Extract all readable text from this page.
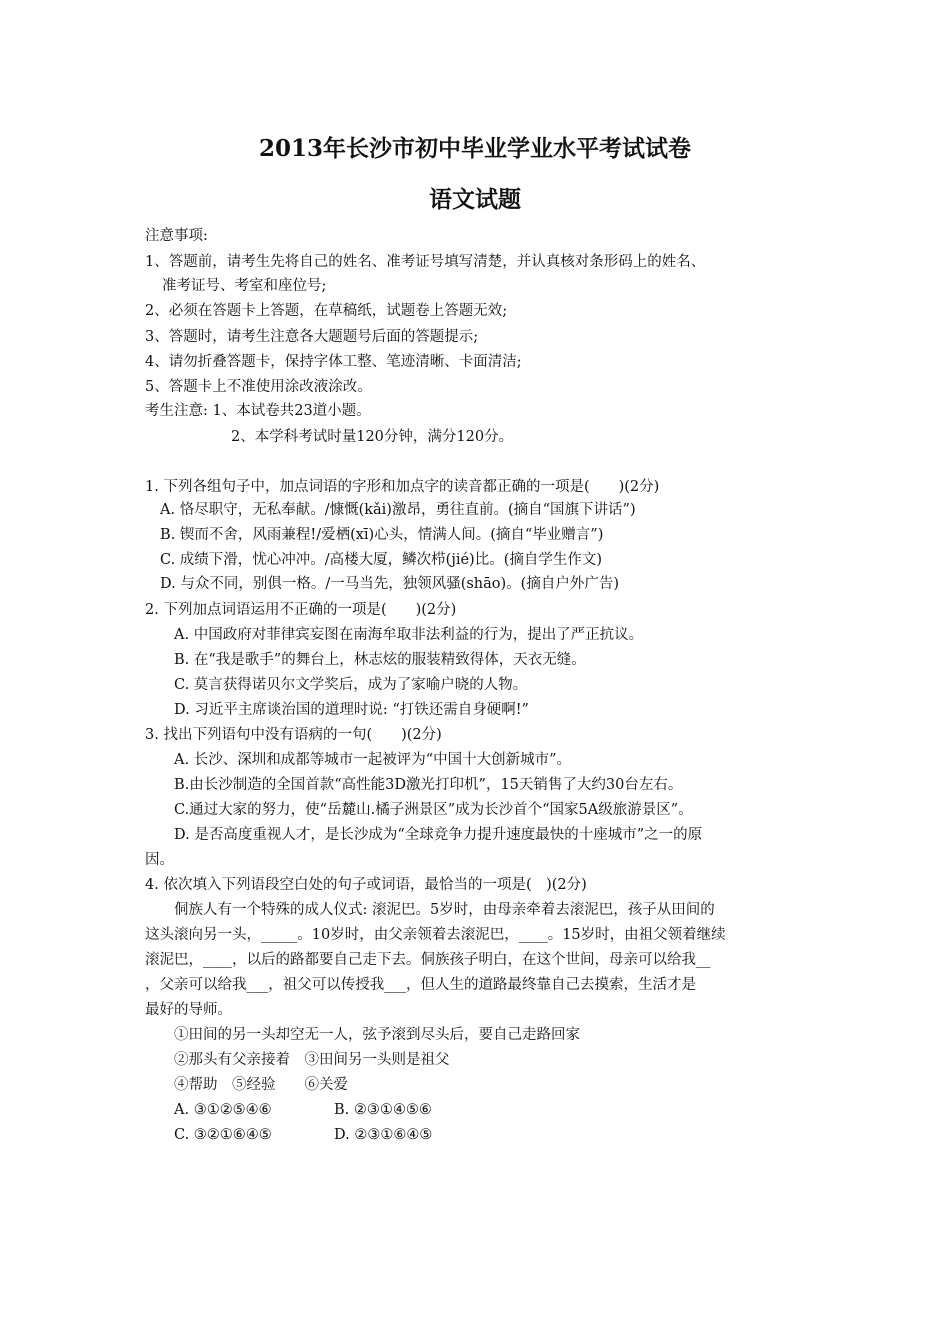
2013年长沙市初中毕业学业水平考试试卷
语文试题
注意事项:
1、答题前，请考生先将自己的姓名、准考证号填写清楚，并认真核对条形码上的姓名、
准考证号、考室和座位号;
2、必须在答题卡上答题，在草稿纸，试题卷上答题无效;
3、答题时，请考生注意各大题题号后面的答题提示;
4、请勿折叠答题卡，保持字体工整、笔迹清晰、卡面清洁;
5、答题卡上不准使用涂改液涂改。
考生注意: 1、本试卷共23道小题。
2、本学科考试时量120分钟，满分120分。
1. 下列各组句子中，加点词语的字形和加点字的读音都正确的一项是(　　)(2分)
A. 恪尽职守，无私奉献。/慷慨(kǎi)激昂，勇往直前。(摘自“国旗下讲话”)
B. 锲而不舍，风雨兼程!/爱栖(xī)心头，情满人间。(摘自“毕业赠言”)
C. 成绩下滑，忧心冲冲。/高楼大厦，鳞次栉(jié)比。(摘自学生作文)
D. 与众不同，别俱一格。/一马当先，独领风骚(shāo)。(摘自户外广告)
2. 下列加点词语运用不正确的一项是(　　)(2分)
A. 中国政府对菲律宾妄图在南海牟取非法利益的行为，提出了严正抗议。
B. 在“我是歌手”的舞台上，林志炫的服装精致得体，天衣无缝。
C. 莫言获得诺贝尔文学奖后，成为了家喻户晓的人物。
D. 习近平主席谈治国的道理时说: “打铁还需自身硬啊!”
3. 找出下列语句中没有语病的一句(　　)(2分)
A. 长沙、深圳和成都等城市一起被评为“中国十大创新城市”。
B.由长沙制造的全国首款“高性能3D激光打印机”，15天销售了大约30台左右。
C.通过大家的努力，使“岳麓山.橘子洲景区”成为长沙首个“国家5A级旅游景区”。
D. 是否高度重视人才，是长沙成为“全球竞争力提升速度最快的十座城市”之一的原
因。
4. 依次填入下列语段空白处的句子或词语，最恰当的一项是(　)(2分)
侗族人有一个特殊的成人仪式: 滚泥巴。5岁时，由母亲牵着去滚泥巴，孩子从田间的
这头滚向另一头，_____。10岁时，由父亲领着去滚泥巴，____。15岁时，由祖父领着继续
滚泥巴，____，以后的路都要自己走下去。侗族孩子明白，在这个世间，母亲可以给我__
，父亲可以给我___，祖父可以传授我___，但人生的道路最终靠自己去摸索，生活才是
最好的导师。
①田间的另一头却空无一人，弦予滚到尽头后，要自己走路回家
②那头有父亲接着　③田间另一头则是祖父
④帮助　⑤经验　　⑥关爱
A. ③①②⑤④⑥	B. ②③①④⑤⑥
C. ③②①⑥④⑤	D. ②③①⑥④⑤
